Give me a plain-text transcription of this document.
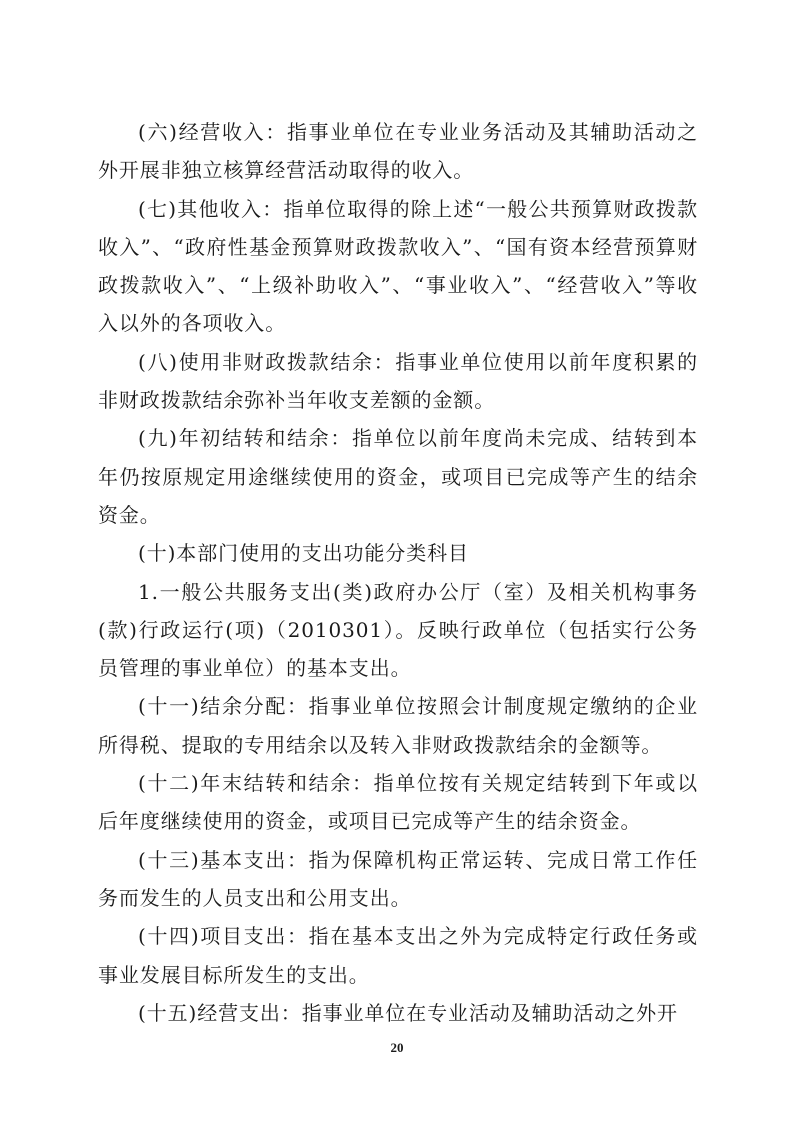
(六)经营收入：指事业单位在专业业务活动及其辅助活动之外开展非独立核算经营活动取得的收入。

(七)其他收入：指单位取得的除上述“一般公共预算财政拨款收入”、“政府性基金预算财政拨款收入”、“国有资本经营预算财政拨款收入”、“上级补助收入”、“事业收入”、“经营收入”等收入以外的各项收入。

(八)使用非财政拨款结余：指事业单位使用以前年度积累的非财政拨款结余弥补当年收支差额的金额。

(九)年初结转和结余：指单位以前年度尚未完成、结转到本年仍按原规定用途继续使用的资金，或项目已完成等产生的结余资金。

(十)本部门使用的支出功能分类科目

1.一般公共服务支出(类)政府办公厅（室）及相关机构事务(款)行政运行(项)（2010301）。反映行政单位（包括实行公务员管理的事业单位）的基本支出。

(十一)结余分配：指事业单位按照会计制度规定缴纳的企业所得税、提取的专用结余以及转入非财政拨款结余的金额等。

(十二)年末结转和结余：指单位按有关规定结转到下年或以后年度继续使用的资金，或项目已完成等产生的结余资金。

(十三)基本支出：指为保障机构正常运转、完成日常工作任务而发生的人员支出和公用支出。

(十四)项目支出：指在基本支出之外为完成特定行政任务或事业发展目标所发生的支出。

(十五)经营支出：指事业单位在专业活动及辅助活动之外开

20
